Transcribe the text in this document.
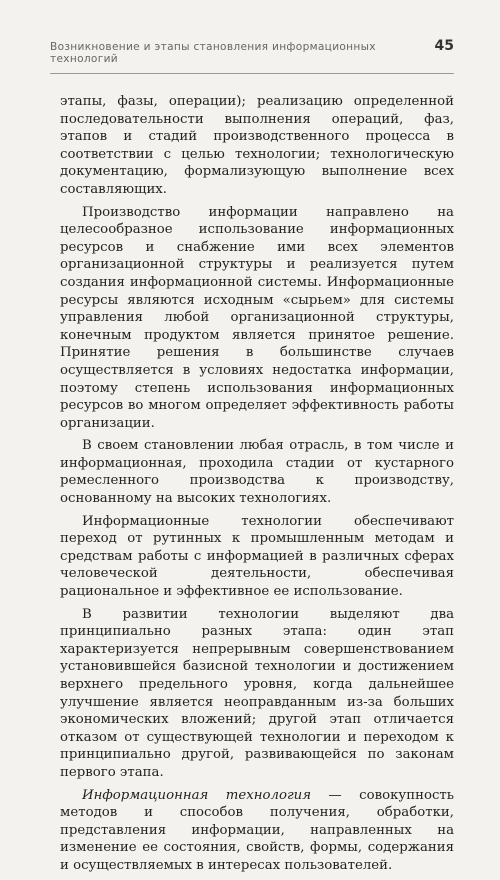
Возникновение и этапы становления информационных технологий
45

этапы, фазы, операции); реализацию определенной последовательности выполнения операций, фаз, этапов и стадий производственного процесса в соответствии с целью технологии; технологическую документацию, формализующую выполнение всех составляющих.

Производство информации направлено на целесообразное использование информационных ресурсов и снабжение ими всех элементов организационной структуры и реализуется путем создания информационной системы. Информационные ресурсы являются исходным «сырьем» для системы управления любой организационной структуры, конечным продуктом является принятое решение. Принятие решения в большинстве случаев осуществляется в условиях недостатка информации, поэтому степень использования информационных ресурсов во многом определяет эффективность работы организации.

В своем становлении любая отрасль, в том числе и информационная, проходила стадии от кустарного ремесленного производства к производству, основанному на высоких технологиях.

Информационные технологии обеспечивают переход от рутинных к промышленным методам и средствам работы с информацией в различных сферах человеческой деятельности, обеспечивая рациональное и эффективное ее использование.

В развитии технологии выделяют два принципиально разных этапа: один этап характеризуется непрерывным совершенствованием установившейся базисной технологии и достижением верхнего предельного уровня, когда дальнейшее улучшение является неоправданным из-за больших экономических вложений; другой этап отличается отказом от существующей технологии и переходом к принципиально другой, развивающейся по законам первого этапа.

Информационная технология — совокупность методов и способов получения, обработки, представления информации, направленных на изменение ее состояния, свойств, формы, содержания и осуществляемых в интересах пользователей.
